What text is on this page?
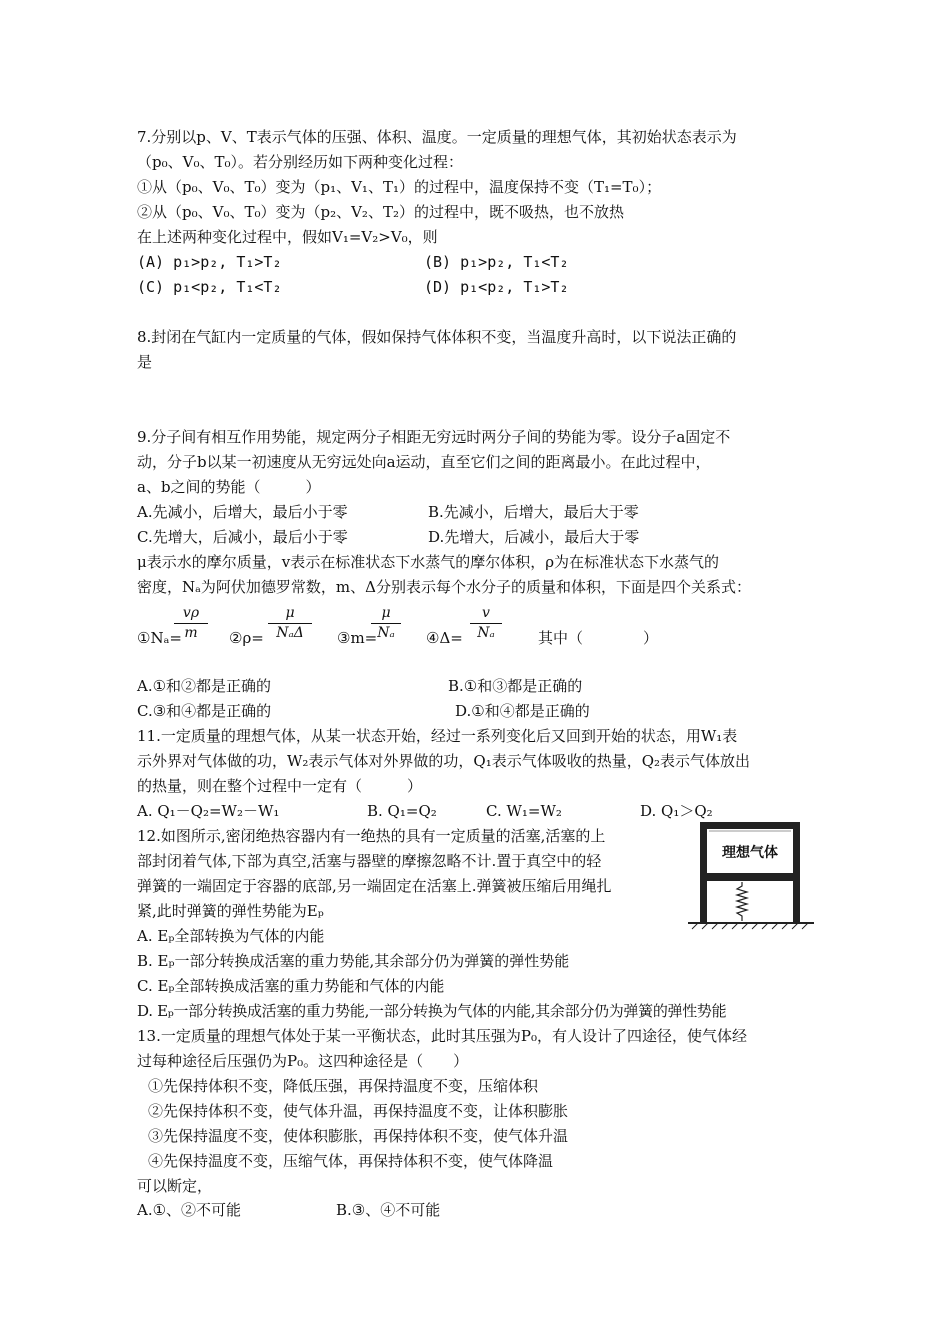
7.分别以p、V、T表示气体的压强、体积、温度。一定质量的理想气体，其初始状态表示为
（p₀、V₀、T₀）。若分别经历如下两种变化过程：
①从（p₀、V₀、T₀）变为（p₁、V₁、T₁）的过程中，温度保持不变（T₁=T₀）；
②从（p₀、V₀、T₀）变为（p₂、V₂、T₂）的过程中，既不吸热，也不放热
在上述两种变化过程中，假如V₁=V₂>V₀，则
(A) p₁>p₂, T₁>T₂	(B) p₁>p₂, T₁<T₂
(C) p₁<p₂, T₁<T₂	(D) p₁<p₂, T₁>T₂
8.封闭在气缸内一定质量的气体，假如保持气体体积不变，当温度升高时，以下说法正确的
是
9.分子间有相互作用势能，规定两分子相距无穷远时两分子间的势能为零。设分子a固定不
动，分子b以某一初速度从无穷远处向a运动，直至它们之间的距离最小。在此过程中，
a、b之间的势能（　　　）
A.先减小，后增大，最后小于零	B.先减小，后增大，最后大于零
C.先增大，后减小，最后小于零	D.先增大，后减小，最后大于零
μ表示水的摩尔质量，v表示在标准状态下水蒸气的摩尔体积，ρ为在标准状态下水蒸气的
密度，Nₐ为阿伏加德罗常数，m、Δ分别表示每个水分子的质量和体积，下面是四个关系式：
①Nₐ=
vρ
m	②ρ=
μ
NₐΔ	③m=
μ
Nₐ	④Δ=
v
Nₐ	其中（　　　　）
A.①和②都是正确的	B.①和③都是正确的
C.③和④都是正确的	D.①和④都是正确的
11.一定质量的理想气体，从某一状态开始，经过一系列变化后又回到开始的状态，用W₁表
示外界对气体做的功，W₂表示气体对外界做的功，Q₁表示气体吸收的热量，Q₂表示气体放出
的热量，则在整个过程中一定有（　　　）
A. Q₁－Q₂=W₂－W₁	B. Q₁=Q₂	C. W₁=W₂	D. Q₁＞Q₂
12.如图所示,密闭绝热容器内有一绝热的具有一定质量的活塞,活塞的上
部封闭着气体,下部为真空,活塞与器壁的摩擦忽略不计.置于真空中的轻
弹簧的一端固定于容器的底部,另一端固定在活塞上.弹簧被压缩后用绳扎
紧,此时弹簧的弹性势能为Eₚ
理想气体
A. Eₚ全部转换为气体的内能
B. Eₚ一部分转换成活塞的重力势能,其余部分仍为弹簧的弹性势能
C. Eₚ全部转换成活塞的重力势能和气体的内能
D. Eₚ一部分转换成活塞的重力势能,一部分转换为气体的内能,其余部分仍为弹簧的弹性势能
13.一定质量的理想气体处于某一平衡状态，此时其压强为P₀，有人设计了四途径，使气体经
过每种途径后压强仍为P₀。这四种途径是（　　）
①先保持体积不变，降低压强，再保持温度不变，压缩体积
②先保持体积不变，使气体升温，再保持温度不变，让体积膨胀
③先保持温度不变，使体积膨胀，再保持体积不变，使气体升温
④先保持温度不变，压缩气体，再保持体积不变，使气体降温
可以断定，
A.①、②不可能	B.③、④不可能
